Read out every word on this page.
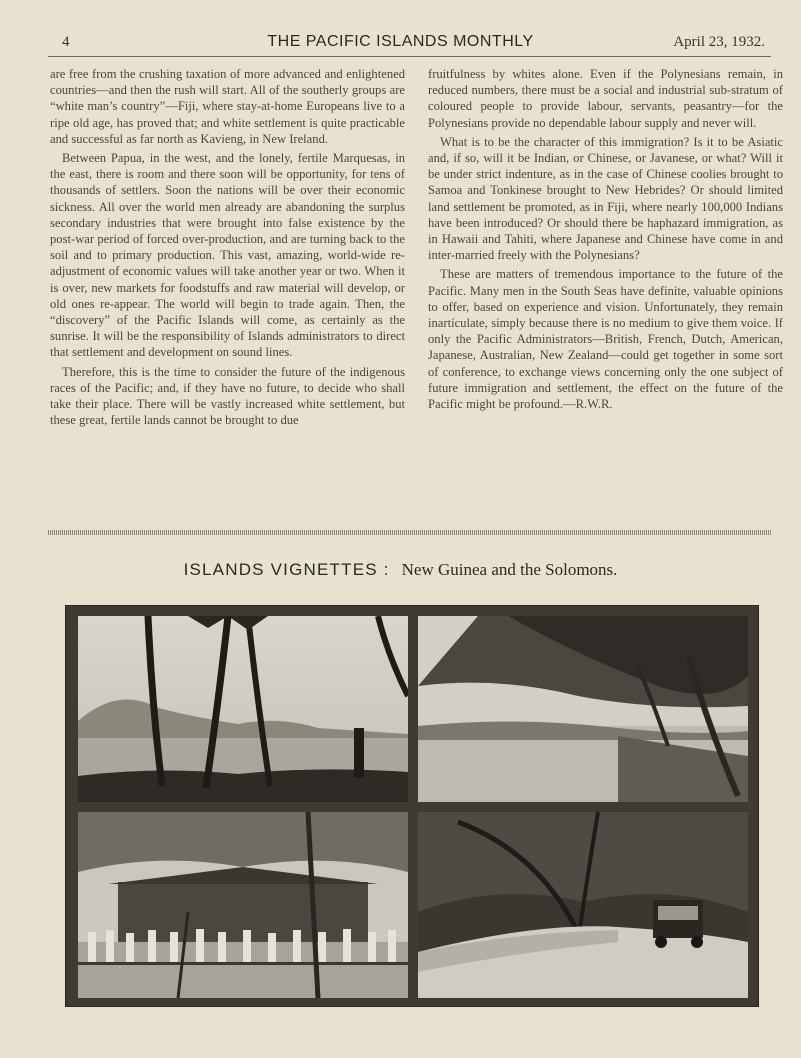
4	THE PACIFIC ISLANDS MONTHLY	April 23, 1932.

are free from the crushing taxation of more advanced and enlightened countries—and then the rush will start. All of the southerly groups are “white man’s country”—Fiji, where stay-at-home Europeans live to a ripe old age, has proved that; and white settlement is quite practicable and successful as far north as Kavieng, in New Ireland.

Between Papua, in the west, and the lonely, fertile Marquesas, in the east, there is room and there soon will be opportunity, for tens of thousands of settlers. Soon the nations will be over their economic sickness. All over the world men already are abandoning the surplus secondary industries that were brought into false existence by the post-war period of forced over-production, and are turning back to the soil and to primary production. This vast, amazing, world-wide re-adjustment of economic values will take another year or two. When it is over, new markets for foodstuffs and raw material will develop, or old ones re-appear. The world will begin to trade again. Then, the “discovery” of the Pacific Islands will come, as certainly as the sunrise. It will be the responsibility of Islands administrators to direct that settlement and development on sound lines.

Therefore, this is the time to consider the future of the indigenous races of the Pacific; and, if they have no future, to decide who shall take their place. There will be vastly increased white settlement, but these great, fertile lands cannot be brought to due

fruitfulness by whites alone. Even if the Polynesians remain, in reduced numbers, there must be a social and industrial sub-stratum of coloured people to provide labour, servants, peasantry—for the Polynesians provide no dependable labour supply and never will.

What is to be the character of this immigration? Is it to be Asiatic and, if so, will it be Indian, or Chinese, or Javanese, or what? Will it be under strict indenture, as in the case of Chinese coolies brought to Samoa and Tonkinese brought to New Hebrides? Or should limited land settlement be promoted, as in Fiji, where nearly 100,000 Indians have been introduced? Or should there be haphazard immigration, as in Hawaii and Tahiti, where Japanese and Chinese have come in and inter-married freely with the Polynesians?

These are matters of tremendous importance to the future of the Pacific. Many men in the South Seas have definite, valuable opinions to offer, based on experience and vision. Unfortunately, they remain inartículate, simply because there is no medium to give them voice. If only the Pacific Administrators—British, French, Dutch, American, Japanese, Australian, New Zealand—could get together in some sort of conference, to exchange views concerning only the one subject of future immigration and settlement, the effect on the future of the Pacific might be profound.—R.W.R.

ISLANDS VIGNETTES : New Guinea and the Solomons.
